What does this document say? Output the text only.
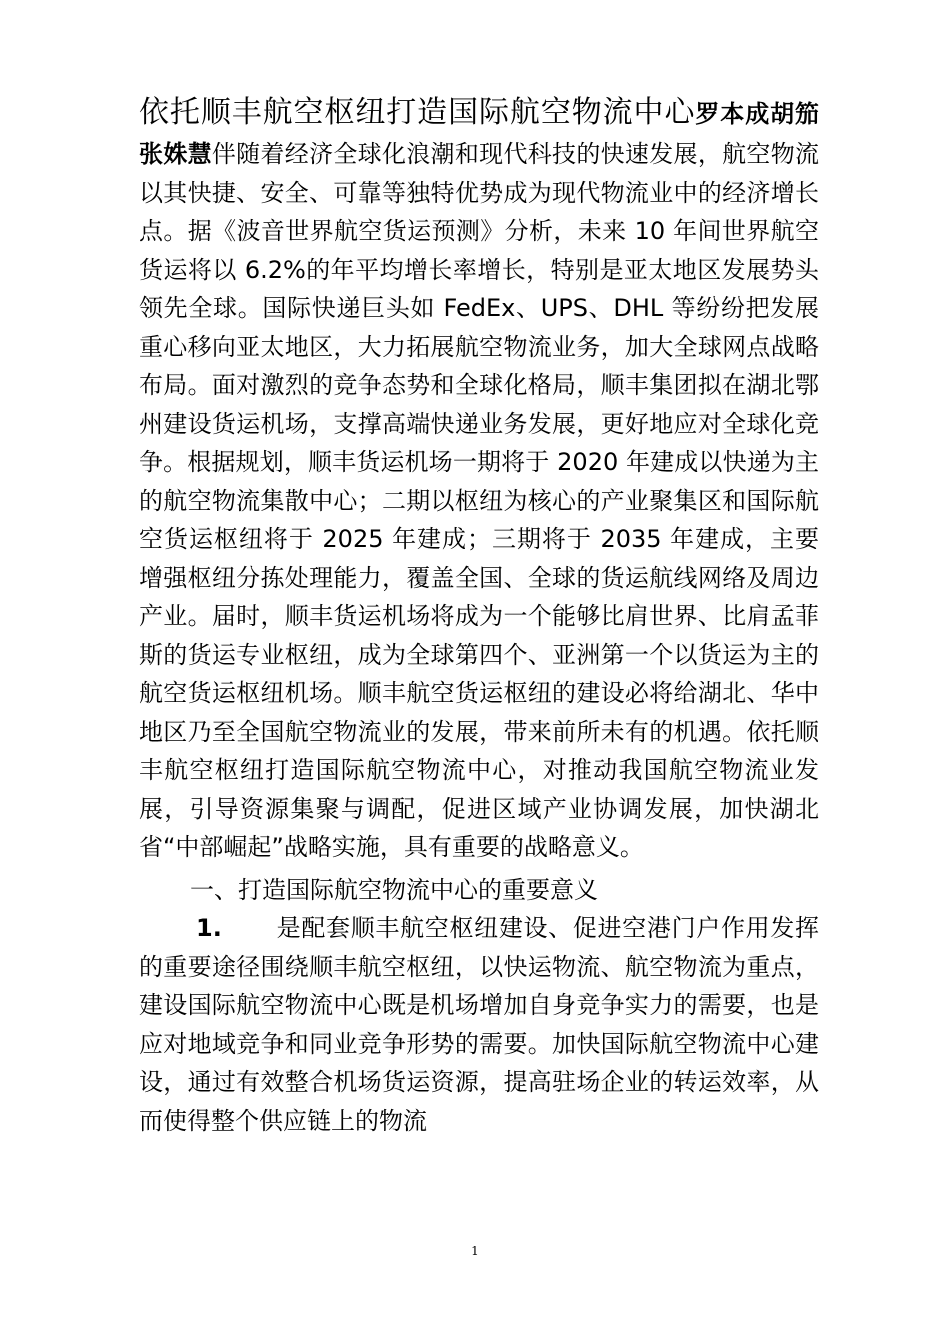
依托顺丰航空枢纽打造国际航空物流中心罗本成胡笳张姝慧伴随着经济全球化浪潮和现代科技的快速发展，航空物流以其快捷、安全、可靠等独特优势成为现代物流业中的经济增长点。据《波音世界航空货运预测》分析，未来 10 年间世界航空货运将以 6.2%的年平均增长率增长，特别是亚太地区发展势头领先全球。国际快递巨头如 FedEx、UPS、DHL 等纷纷把发展重心移向亚太地区，大力拓展航空物流业务，加大全球网点战略布局。面对激烈的竞争态势和全球化格局，顺丰集团拟在湖北鄂州建设货运机场，支撑高端快递业务发展，更好地应对全球化竞争。根据规划，顺丰货运机场一期将于 2020 年建成以快递为主的航空物流集散中心；二期以枢纽为核心的产业聚集区和国际航空货运枢纽将于 2025 年建成；三期将于 2035 年建成，主要增强枢纽分拣处理能力，覆盖全国、全球的货运航线网络及周边产业。届时，顺丰货运机场将成为一个能够比肩世界、比肩孟菲斯的货运专业枢纽，成为全球第四个、亚洲第一个以货运为主的航空货运枢纽机场。顺丰航空货运枢纽的建设必将给湖北、华中地区乃至全国航空物流业的发展，带来前所未有的机遇。依托顺丰航空枢纽打造国际航空物流中心，对推动我国航空物流业发展，引导资源集聚与调配，促进区域产业协调发展，加快湖北省“中部崛起”战略实施，具有重要的战略意义。

一、打造国际航空物流中心的重要意义

1. 是配套顺丰航空枢纽建设、促进空港门户作用发挥的重要途径围绕顺丰航空枢纽，以快运物流、航空物流为重点，建设国际航空物流中心既是机场增加自身竞争实力的需要，也是应对地域竞争和同业竞争形势的需要。加快国际航空物流中心建设，通过有效整合机场货运资源，提高驻场企业的转运效率，从而使得整个供应链上的物流

1
